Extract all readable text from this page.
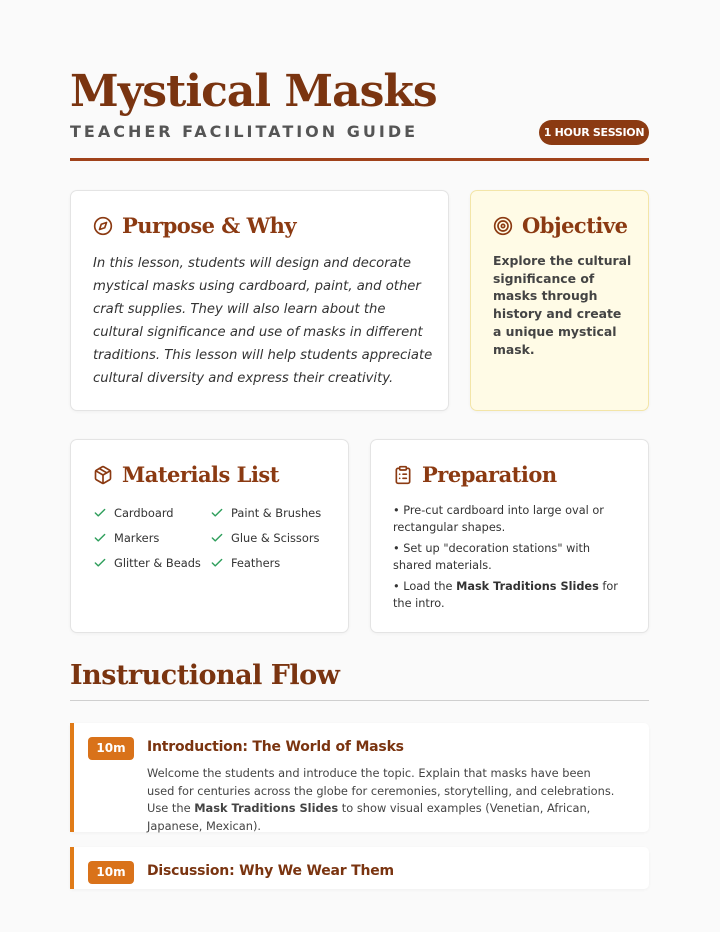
Mystical Masks
TEACHER FACILITATION GUIDE	1 HOUR SESSION
Purpose & Why
In this lesson, students will design and decorate mystical masks using cardboard, paint, and other craft supplies. They will also learn about the cultural significance and use of masks in different traditions. This lesson will help students appreciate cultural diversity and express their creativity.
Objective
Explore the cultural significance of masks through history and create a unique mystical mask.
Materials List
Cardboard	Paint & Brushes
Markers	Glue & Scissors
Glitter & Beads	Feathers
Preparation
• Pre-cut cardboard into large oval or rectangular shapes.
• Set up "decoration stations" with shared materials.
• Load the Mask Traditions Slides for the intro.
Instructional Flow
10m	Introduction: The World of Masks
Welcome the students and introduce the topic. Explain that masks have been used for centuries across the globe for ceremonies, storytelling, and celebrations. Use the Mask Traditions Slides to show visual examples (Venetian, African, Japanese, Mexican).
10m	Discussion: Why We Wear Them
